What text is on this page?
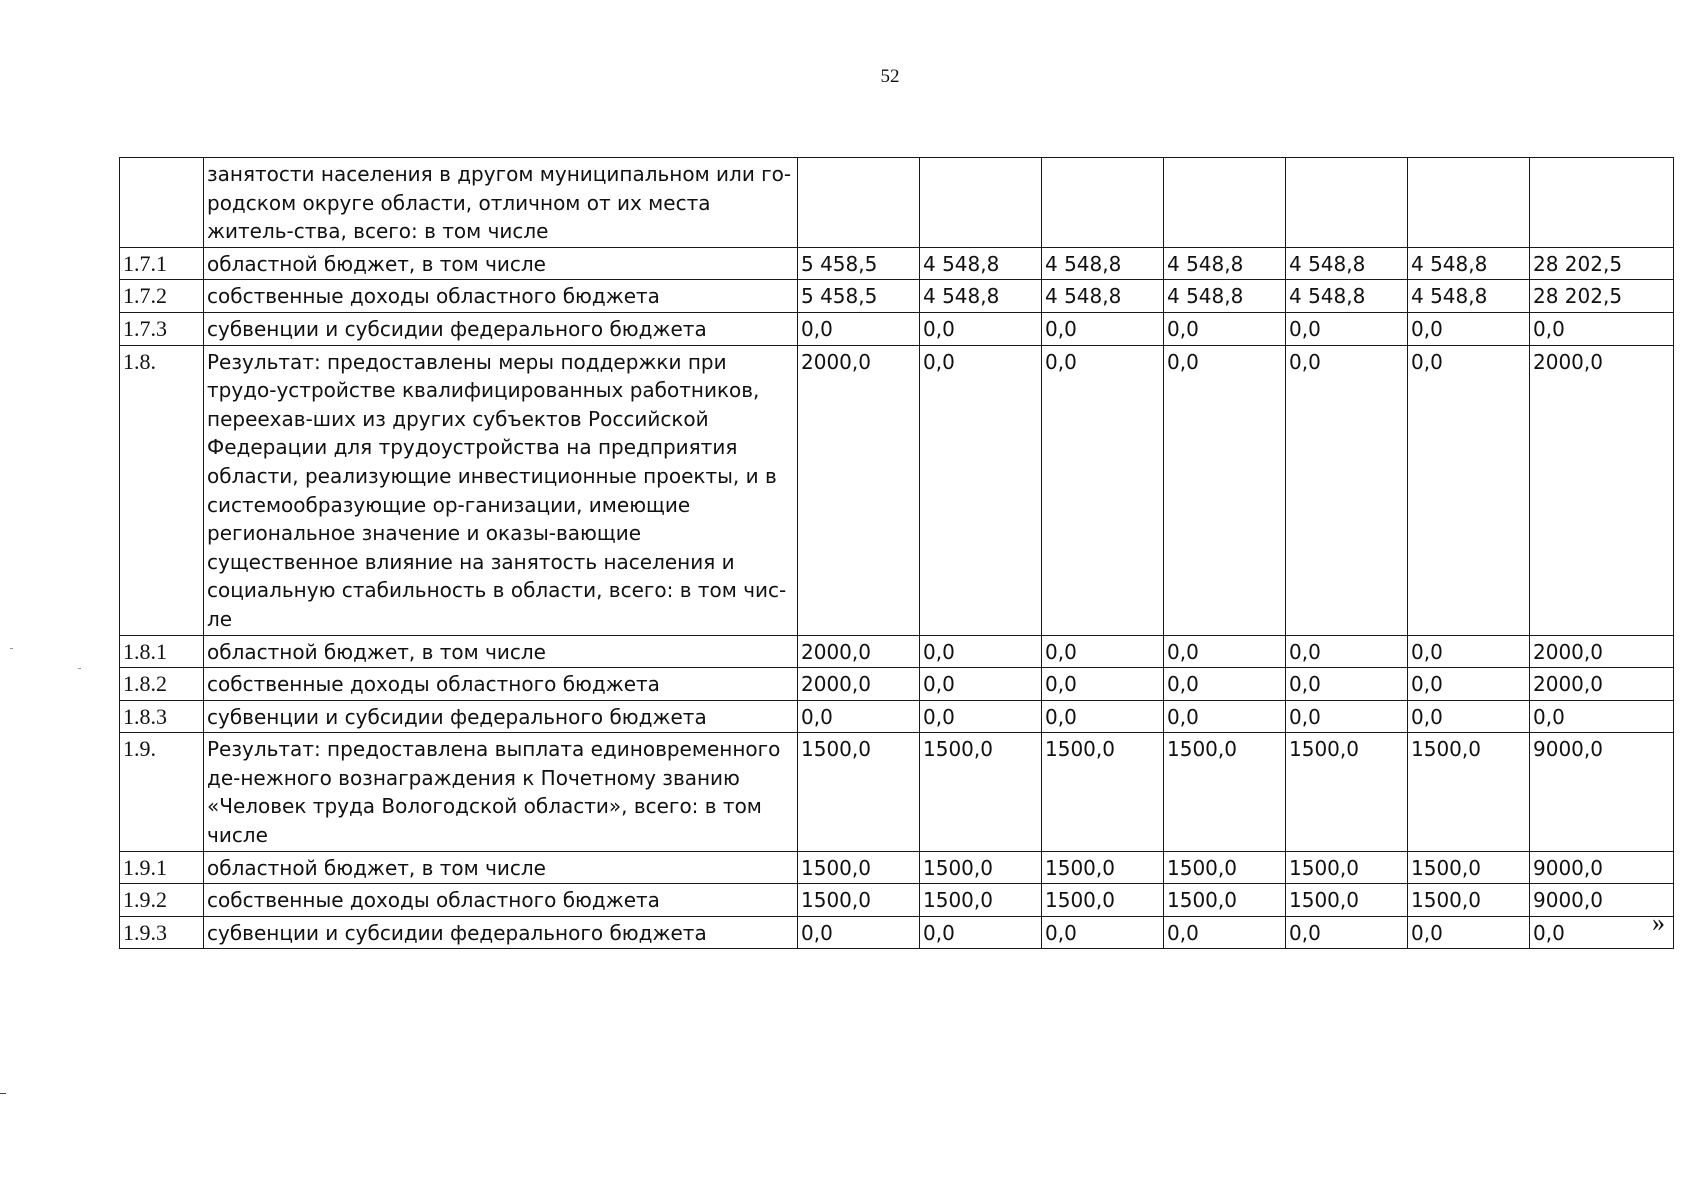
52
	занятости населения в другом муниципальном или го-родском округе области, отличном от их места житель-ства, всего: в том числе							
1.7.1	областной бюджет, в том числе	5 458,5	4 548,8	4 548,8	4 548,8	4 548,8	4 548,8	28 202,5
1.7.2	собственные доходы областного бюджета	5 458,5	4 548,8	4 548,8	4 548,8	4 548,8	4 548,8	28 202,5
1.7.3	субвенции и субсидии федерального бюджета	0,0	0,0	0,0	0,0	0,0	0,0	0,0
1.8.	Результат: предоставлены меры поддержки при трудо-устройстве квалифицированных работников, переехав-ших из других субъектов Российской Федерации для трудоустройства на предприятия области, реализующие инвестиционные проекты, и в системообразующие ор-ганизации, имеющие региональное значение и оказы-вающие существенное влияние на занятость населения и социальную стабильность в области, всего: в том чис-ле	2000,0	0,0	0,0	0,0	0,0	0,0	2000,0
1.8.1	областной бюджет, в том числе	2000,0	0,0	0,0	0,0	0,0	0,0	2000,0
1.8.2	собственные доходы областного бюджета	2000,0	0,0	0,0	0,0	0,0	0,0	2000,0
1.8.3	субвенции и субсидии федерального бюджета	0,0	0,0	0,0	0,0	0,0	0,0	0,0
1.9.	Результат: предоставлена выплата единовременного де-нежного вознаграждения к Почетному званию «Человек труда Вологодской области», всего: в том числе	1500,0	1500,0	1500,0	1500,0	1500,0	1500,0	9000,0
1.9.1	областной бюджет, в том числе	1500,0	1500,0	1500,0	1500,0	1500,0	1500,0	9000,0
1.9.2	собственные доходы областного бюджета	1500,0	1500,0	1500,0	1500,0	1500,0	1500,0	9000,0
1.9.3	субвенции и субсидии федерального бюджета	0,0	0,0	0,0	0,0	0,0	0,0	0,0	»
